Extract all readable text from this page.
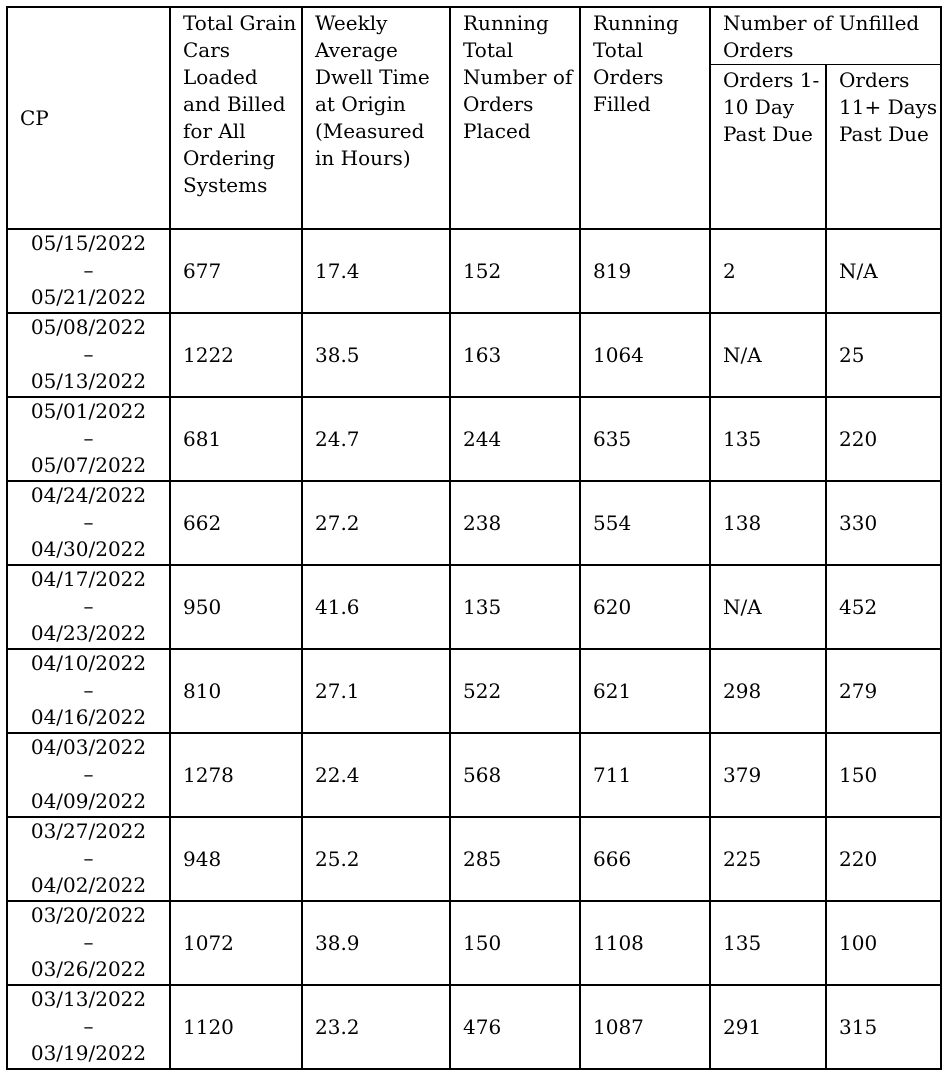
CP	Total Grain Cars Loaded and Billed for All Ordering Systems	Weekly Average Dwell Time at Origin (Measured in Hours)	Running Total Number of Orders Placed	Running Total Orders Filled	Number of Unfilled Orders	
					Orders 1-10 Day Past Due	Orders 11+ Days Past Due
05/15/2022
–
05/21/2022	677	17.4	152	819	2	N/A
05/08/2022
–
05/13/2022	1222	38.5	163	1064	N/A	25
05/01/2022
–
05/07/2022	681	24.7	244	635	135	220
04/24/2022
–
04/30/2022	662	27.2	238	554	138	330
04/17/2022
–
04/23/2022	950	41.6	135	620	N/A	452
04/10/2022
–
04/16/2022	810	27.1	522	621	298	279
04/03/2022
–
04/09/2022	1278	22.4	568	711	379	150
03/27/2022
–
04/02/2022	948	25.2	285	666	225	220
03/20/2022
–
03/26/2022	1072	38.9	150	1108	135	100
03/13/2022
–
03/19/2022	1120	23.2	476	1087	291	315
